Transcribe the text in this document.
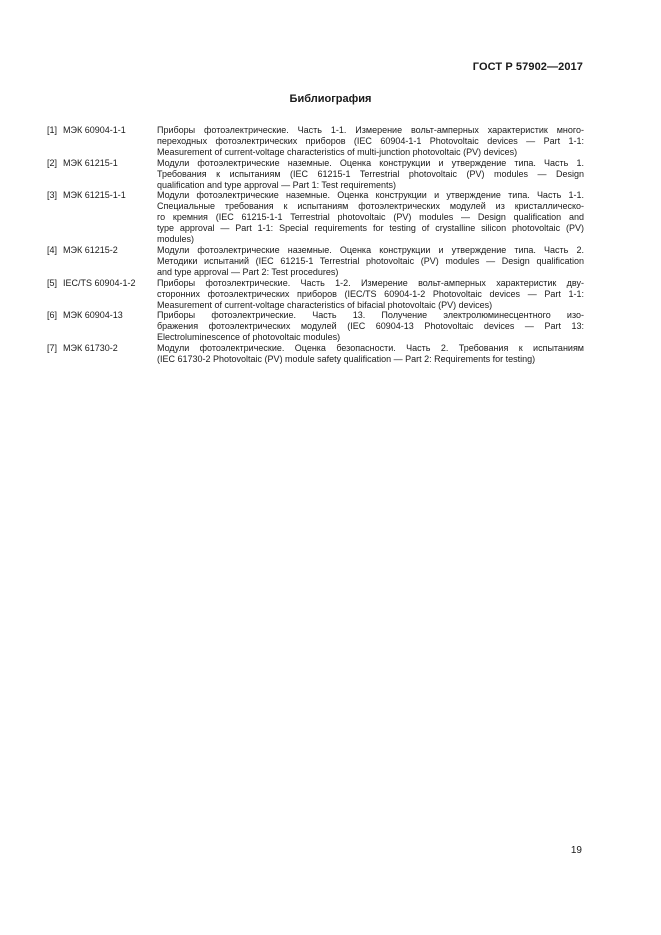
ГОСТ Р 57902—2017
Библиография
[1] МЭК 60904-1-1	Приборы фотоэлектрические. Часть 1-1. Измерение вольт-амперных характеристик много-
переходных фотоэлектрических приборов (IEC 60904-1-1 Photovoltaic devices — Part 1-1:
Measurement of current-voltage characteristics of multi-junction photovoltaic (PV) devices)
[2] МЭК 61215-1	Модули фотоэлектрические наземные. Оценка конструкции и утверждение типа. Часть 1.
Требования к испытаниям (IEC 61215-1 Terrestrial photovoltaic (PV) modules — Design
qualification and type approval — Part 1: Test requirements)
[3] МЭК 61215-1-1	Модули фотоэлектрические наземные. Оценка конструкции и утверждение типа. Часть 1-1.
Специальные требования к испытаниям фотоэлектрических модулей из кристаллическо-
го кремния (IEC 61215-1-1 Terrestrial photovoltaic (PV) modules — Design qualification and
type approval — Part 1-1: Special requirements for testing of crystalline silicon photovoltaic (PV)
modules)
[4] МЭК 61215-2	Модули фотоэлектрические наземные. Оценка конструкции и утверждение типа. Часть 2.
Методики испытаний (IEC 61215-1 Terrestrial photovoltaic (PV) modules — Design qualification
and type approval — Part 2: Test procedures)
[5] IEC/TS 60904-1-2	Приборы фотоэлектрические. Часть 1-2. Измерение вольт-амперных характеристик дву-
сторонних фотоэлектрических приборов (IEC/TS 60904-1-2 Photovoltaic devices — Part 1-1:
Measurement of current-voltage characteristics of bifacial photovoltaic (PV) devices)
[6] МЭК 60904-13	Приборы фотоэлектрические. Часть 13. Получение электролюминесцентного изо-
бражения фотоэлектрических модулей (IEC 60904-13 Photovoltaic devices — Part 13:
Electroluminescence of photovoltaic modules)
[7] МЭК 61730-2	Модули фотоэлектрические. Оценка безопасности. Часть 2. Требования к испытаниям
(IEC 61730-2 Photovoltaic (PV) module safety qualification — Part 2: Requirements for testing)
19
